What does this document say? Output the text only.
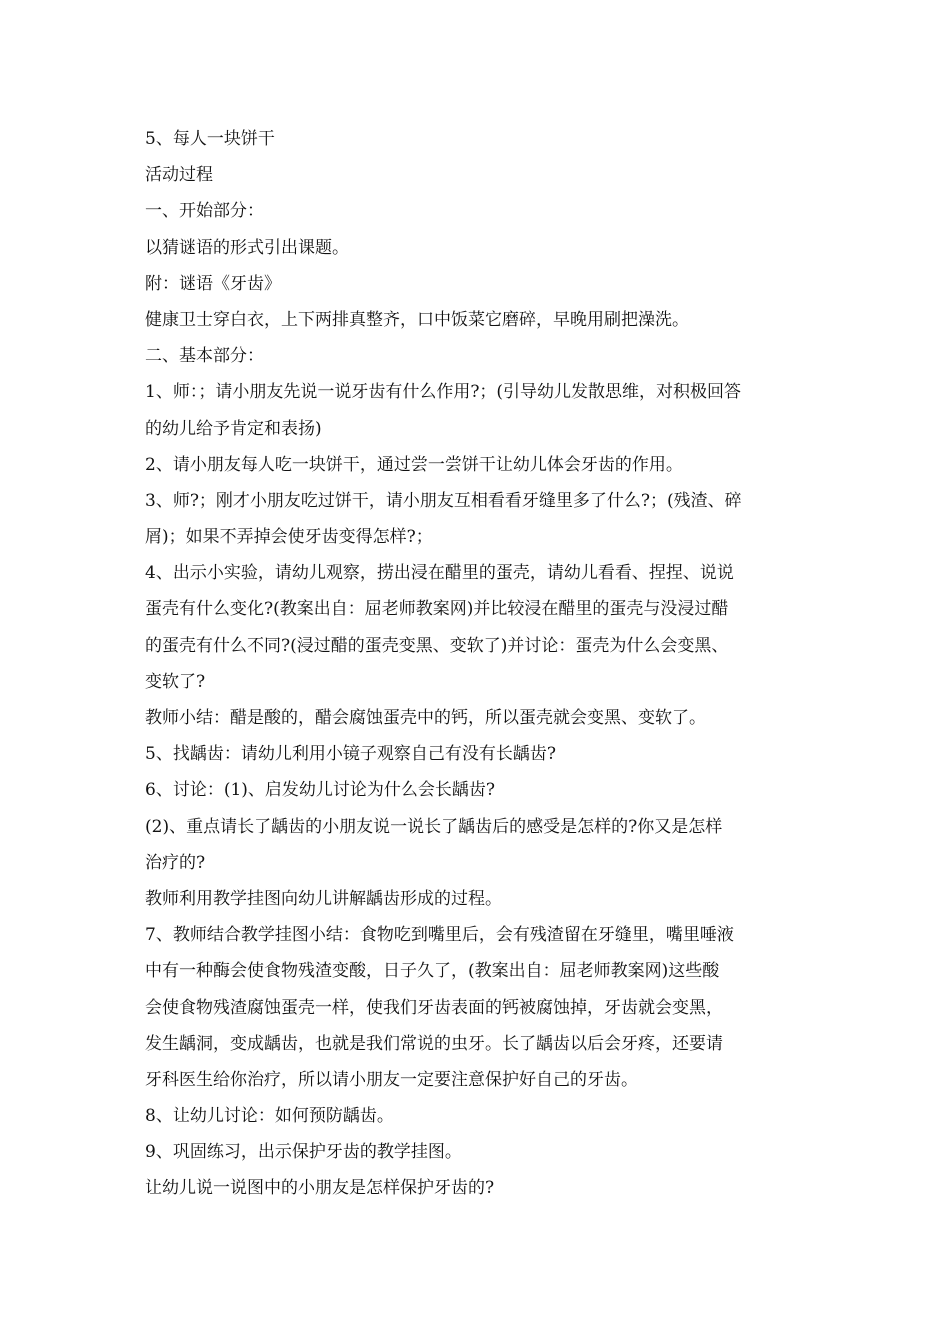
5、每人一块饼干
活动过程
一、开始部分：
以猜谜语的形式引出课题。
附：谜语《牙齿》
健康卫士穿白衣，上下两排真整齐，口中饭菜它磨碎，早晚用刷把澡洗。
二、基本部分：
1、师：；请小朋友先说一说牙齿有什么作用?；(引导幼儿发散思维，对积极回答
的幼儿给予肯定和表扬)
2、请小朋友每人吃一块饼干，通过尝一尝饼干让幼儿体会牙齿的作用。
3、师?；刚才小朋友吃过饼干，请小朋友互相看看牙缝里多了什么?；(残渣、碎
屑)；如果不弄掉会使牙齿变得怎样?；
4、出示小实验，请幼儿观察，捞出浸在醋里的蛋壳，请幼儿看看、捏捏、说说
蛋壳有什么变化?(教案出自：屈老师教案网)并比较浸在醋里的蛋壳与没浸过醋
的蛋壳有什么不同?(浸过醋的蛋壳变黑、变软了)并讨论：蛋壳为什么会变黑、
变软了?
教师小结：醋是酸的，醋会腐蚀蛋壳中的钙，所以蛋壳就会变黑、变软了。
5、找龋齿：请幼儿利用小镜子观察自己有没有长龋齿?
6、讨论：(1)、启发幼儿讨论为什么会长龋齿?
(2)、重点请长了龋齿的小朋友说一说长了龋齿后的感受是怎样的?你又是怎样
治疗的?
教师利用教学挂图向幼儿讲解龋齿形成的过程。
7、教师结合教学挂图小结：食物吃到嘴里后，会有残渣留在牙缝里，嘴里唾液
中有一种酶会使食物残渣变酸，日子久了，(教案出自：屈老师教案网)这些酸
会使食物残渣腐蚀蛋壳一样，使我们牙齿表面的钙被腐蚀掉，牙齿就会变黑，
发生龋洞，变成龋齿，也就是我们常说的虫牙。长了龋齿以后会牙疼，还要请
牙科医生给你治疗，所以请小朋友一定要注意保护好自己的牙齿。
8、让幼儿讨论：如何预防龋齿。
9、巩固练习，出示保护牙齿的教学挂图。
让幼儿说一说图中的小朋友是怎样保护牙齿的?
